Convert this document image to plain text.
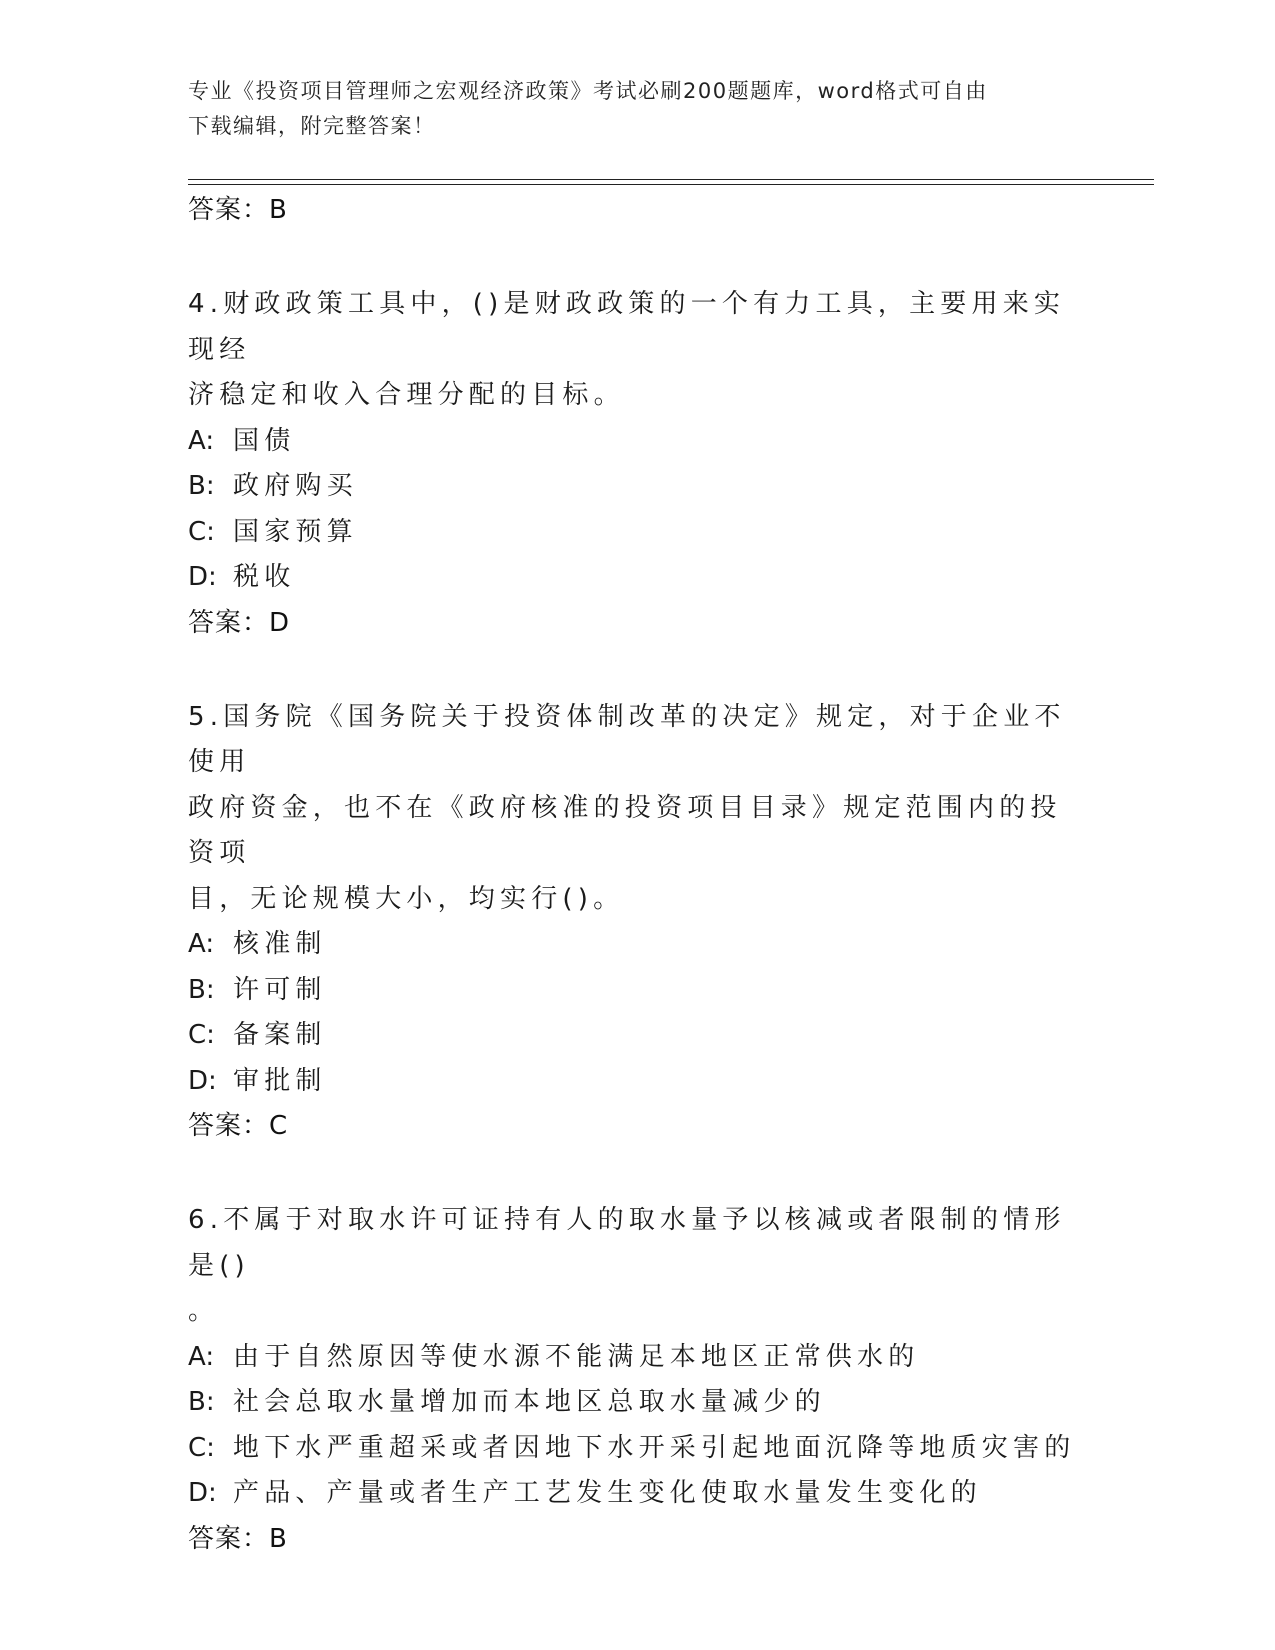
专业《投资项目管理师之宏观经济政策》考试必刷200题题库，word格式可自由
下载编辑，附完整答案！
答案：B
4.财政政策工具中，()是财政政策的一个有力工具，主要用来实现经
济稳定和收入合理分配的目标。
A: 国债
B: 政府购买
C: 国家预算
D: 税收
答案：D
5.国务院《国务院关于投资体制改革的决定》规定，对于企业不使用
政府资金，也不在《政府核准的投资项目目录》规定范围内的投资项
目，无论规模大小，均实行()。
A: 核准制
B: 许可制
C: 备案制
D: 审批制
答案：C
6.不属于对取水许可证持有人的取水量予以核减或者限制的情形是()
。
A: 由于自然原因等使水源不能满足本地区正常供水的
B: 社会总取水量增加而本地区总取水量减少的
C: 地下水严重超采或者因地下水开采引起地面沉降等地质灾害的
D: 产品、产量或者生产工艺发生变化使取水量发生变化的
答案：B
